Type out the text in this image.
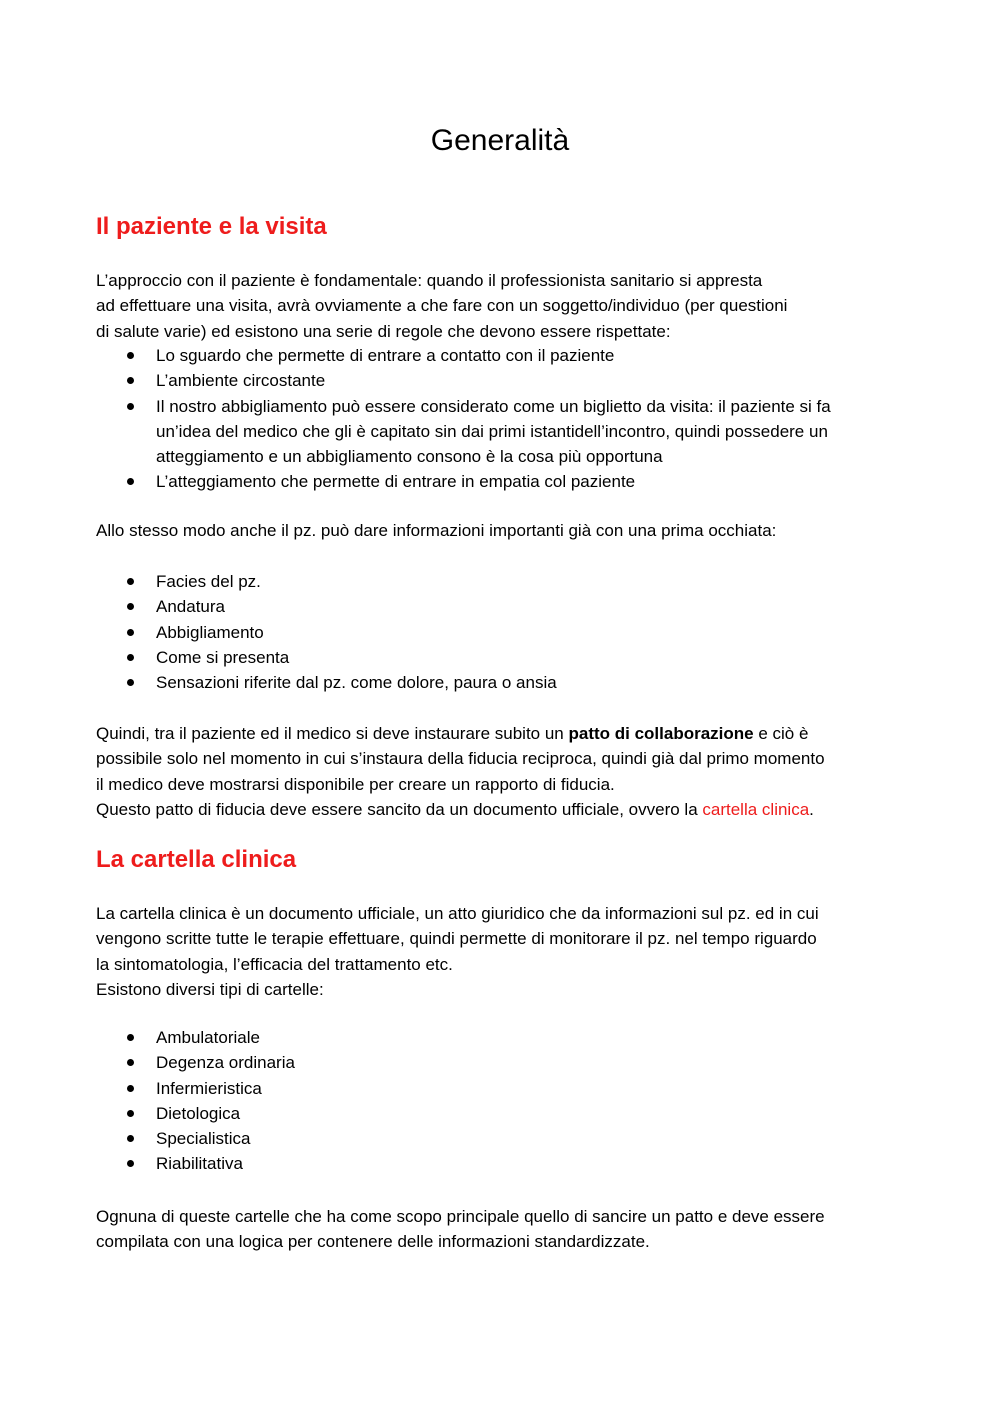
Generalità
Il paziente e la visita

L’approccio con il paziente è fondamentale: quando il professionista sanitario si appresta
ad effettuare una visita, avrà ovviamente a che fare con un soggetto/individuo (per questioni
di salute varie) ed esistono una serie di regole che devono essere rispettate:

Lo sguardo che permette di entrare a contatto con il paziente
L’ambiente circostante
Il nostro abbigliamento può essere considerato come un biglietto da visita: il paziente si fa
un’idea del medico che gli è capitato sin dai primi istantidell’incontro, quindi possedere un
atteggiamento e un abbigliamento consono è la cosa più opportuna
L’atteggiamento che permette di entrare in empatia col paziente

Allo stesso modo anche il pz. può dare informazioni importanti già con una prima occhiata:

Facies del pz.
Andatura
Abbigliamento
Come si presenta
Sensazioni riferite dal pz. come dolore, paura o ansia

Quindi, tra il paziente ed il medico si deve instaurare subito un patto di collaborazione e ciò è
possibile solo nel momento in cui s’instaura della fiducia reciproca, quindi già dal primo momento
il medico deve mostrarsi disponibile per creare un rapporto di fiducia.
Questo patto di fiducia deve essere sancito da un documento ufficiale, ovvero la cartella clinica.

La cartella clinica

La cartella clinica è un documento ufficiale, un atto giuridico che da informazioni sul pz. ed in cui
vengono scritte tutte le terapie effettuare, quindi permette di monitorare il pz. nel tempo riguardo
la sintomatologia, l’efficacia del trattamento etc.
Esistono diversi tipi di cartelle:

Ambulatoriale
Degenza ordinaria
Infermieristica
Dietologica
Specialistica
Riabilitativa

Ognuna di queste cartelle che ha come scopo principale quello di sancire un patto e deve essere
compilata con una logica per contenere delle informazioni standardizzate.
